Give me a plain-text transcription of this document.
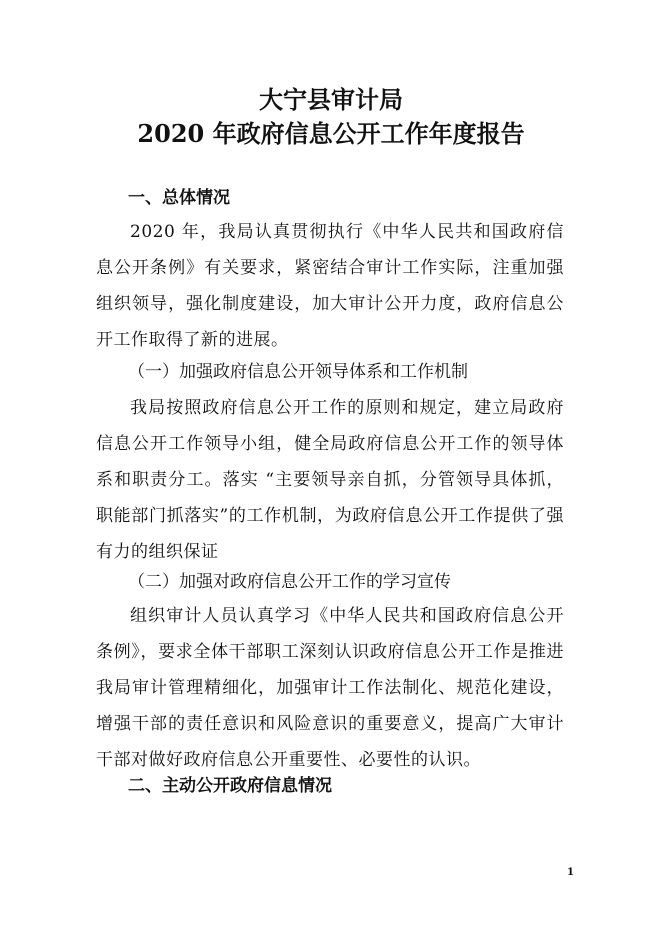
大宁县审计局
2020 年政府信息公开工作年度报告
一、总体情况
2020 年，我局认真贯彻执行《中华人民共和国政府信息公开条例》有关要求，紧密结合审计工作实际，注重加强组织领导，强化制度建设，加大审计公开力度，政府信息公开工作取得了新的进展。
（一）加强政府信息公开领导体系和工作机制
我局按照政府信息公开工作的原则和规定，建立局政府信息公开工作领导小组，健全局政府信息公开工作的领导体系和职责分工。落实 “主要领导亲自抓，分管领导具体抓，职能部门抓落实”的工作机制，为政府信息公开工作提供了强有力的组织保证
（二）加强对政府信息公开工作的学习宣传
组织审计人员认真学习《中华人民共和国政府信息公开条例》，要求全体干部职工深刻认识政府信息公开工作是推进我局审计管理精细化，加强审计工作法制化、规范化建设，增强干部的责任意识和风险意识的重要意义，提高广大审计干部对做好政府信息公开重要性、必要性的认识。
二、主动公开政府信息情况
1
